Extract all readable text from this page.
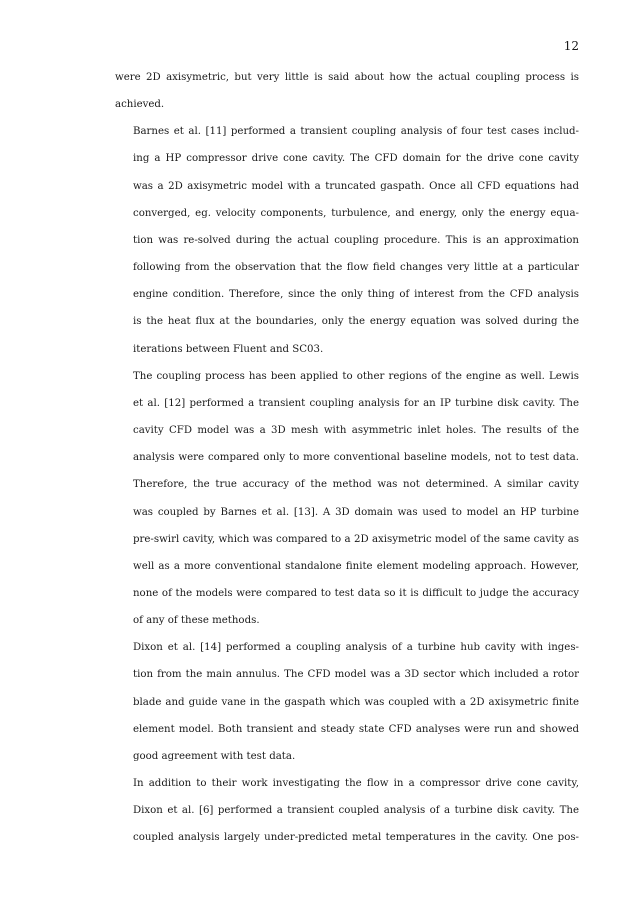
12
were 2D axisymetric, but very little is said about how the actual coupling process is
achieved.
Barnes et al. [11] performed a transient coupling analysis of four test cases includ-
ing a HP compressor drive cone cavity. The CFD domain for the drive cone cavity
was a 2D axisymetric model with a truncated gaspath. Once all CFD equations had
converged, eg. velocity components, turbulence, and energy, only the energy equa-
tion was re-solved during the actual coupling procedure. This is an approximation
following from the observation that the flow field changes very little at a particular
engine condition. Therefore, since the only thing of interest from the CFD analysis
is the heat flux at the boundaries, only the energy equation was solved during the
iterations between Fluent and SC03.
The coupling process has been applied to other regions of the engine as well. Lewis
et al. [12] performed a transient coupling analysis for an IP turbine disk cavity. The
cavity CFD model was a 3D mesh with asymmetric inlet holes. The results of the
analysis were compared only to more conventional baseline models, not to test data.
Therefore, the true accuracy of the method was not determined. A similar cavity
was coupled by Barnes et al. [13]. A 3D domain was used to model an HP turbine
pre-swirl cavity, which was compared to a 2D axisymetric model of the same cavity as
well as a more conventional standalone finite element modeling approach. However,
none of the models were compared to test data so it is difficult to judge the accuracy
of any of these methods.
Dixon et al. [14] performed a coupling analysis of a turbine hub cavity with inges-
tion from the main annulus. The CFD model was a 3D sector which included a rotor
blade and guide vane in the gaspath which was coupled with a 2D axisymetric finite
element model. Both transient and steady state CFD analyses were run and showed
good agreement with test data.
In addition to their work investigating the flow in a compressor drive cone cavity,
Dixon et al. [6] performed a transient coupled analysis of a turbine disk cavity. The
coupled analysis largely under-predicted metal temperatures in the cavity. One pos-
